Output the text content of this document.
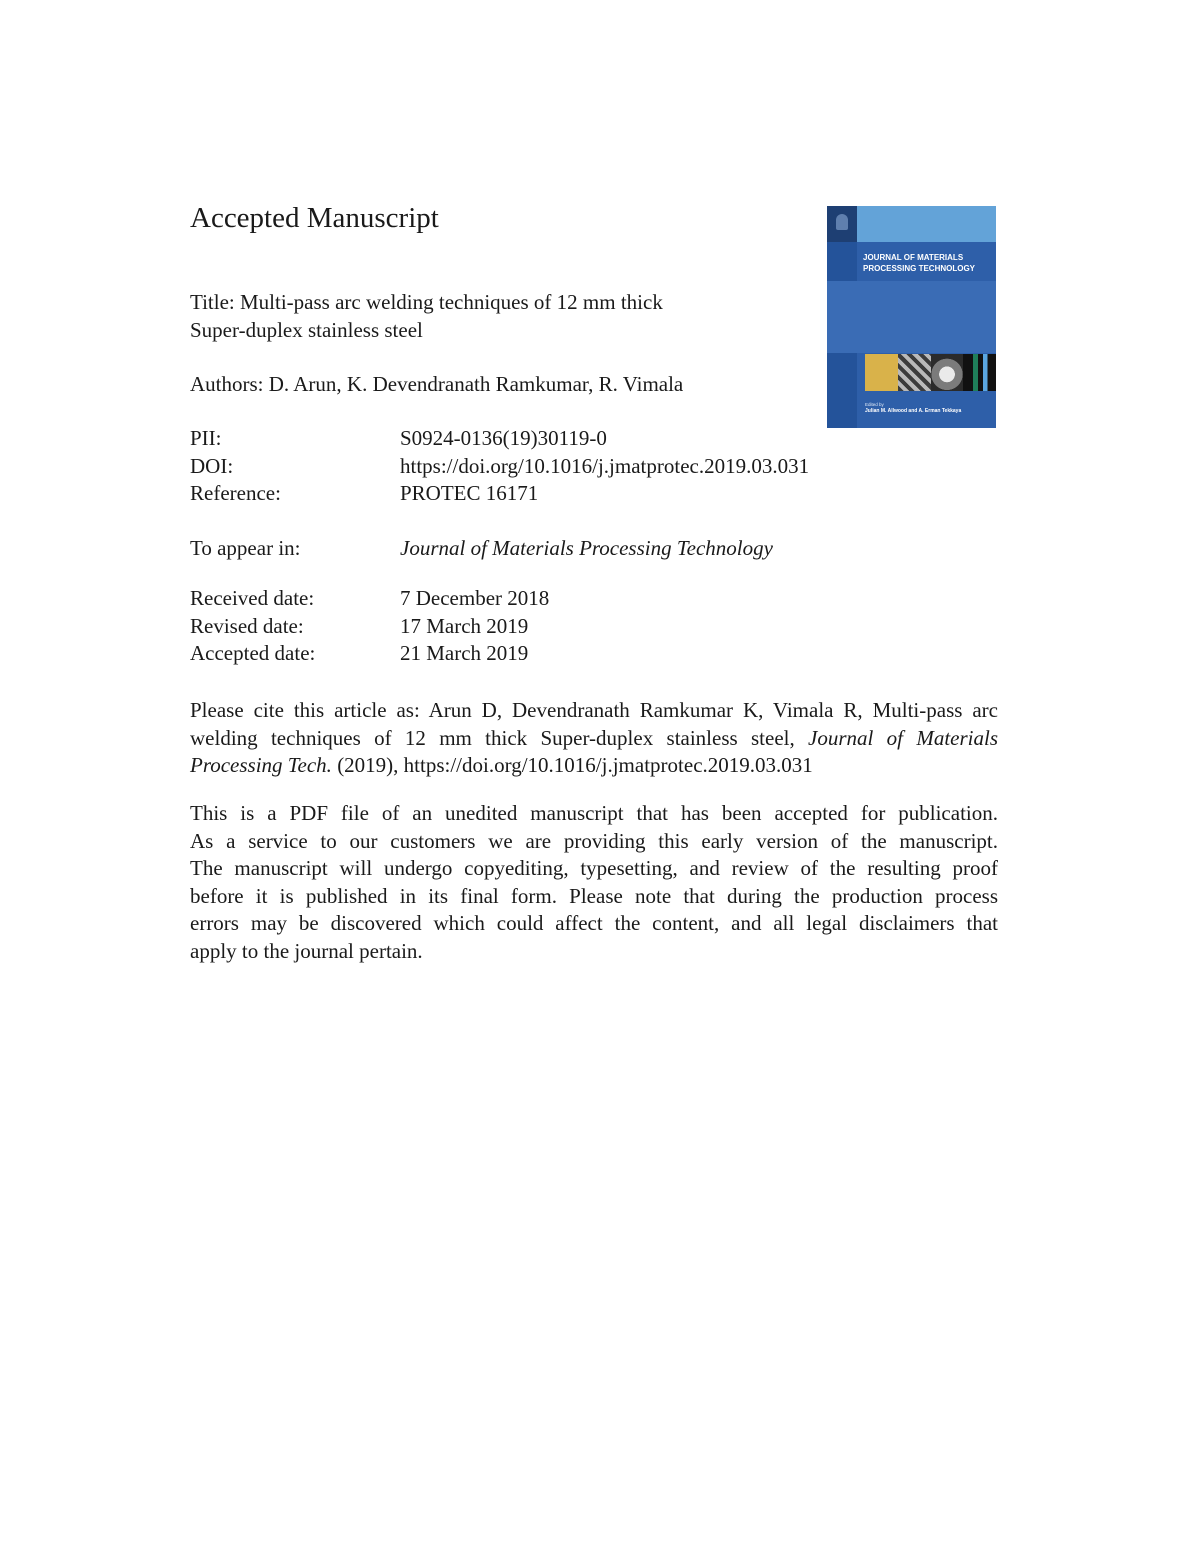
Accepted Manuscript
Title: Multi-pass arc welding techniques of 12 mm thick
Super-duplex stainless steel
Authors: D. Arun, K. Devendranath Ramkumar, R. Vimala
PII:	S0924-0136(19)30119-0
DOI:	https://doi.org/10.1016/j.jmatprotec.2019.03.031
Reference:	PROTEC 16171
To appear in:	Journal of Materials Processing Technology
Received date:	7 December 2018
Revised date:	17 March 2019
Accepted date:	21 March 2019
Please cite this article as: Arun D, Devendranath Ramkumar K, Vimala R, Multi-pass arc
welding techniques of 12 mm thick Super-duplex stainless steel, Journal of Materials
Processing Tech. (2019), https://doi.org/10.1016/j.jmatprotec.2019.03.031
This is a PDF file of an unedited manuscript that has been accepted for publication.
As a service to our customers we are providing this early version of the manuscript.
The manuscript will undergo copyediting, typesetting, and review of the resulting proof
before it is published in its final form. Please note that during the production process
errors may be discovered which could affect the content, and all legal disclaimers that
apply to the journal pertain.
JOURNAL OF MATERIALS
PROCESSING TECHNOLOGY
Edited by
Julian M. Allwood and A. Erman Tekkaya
